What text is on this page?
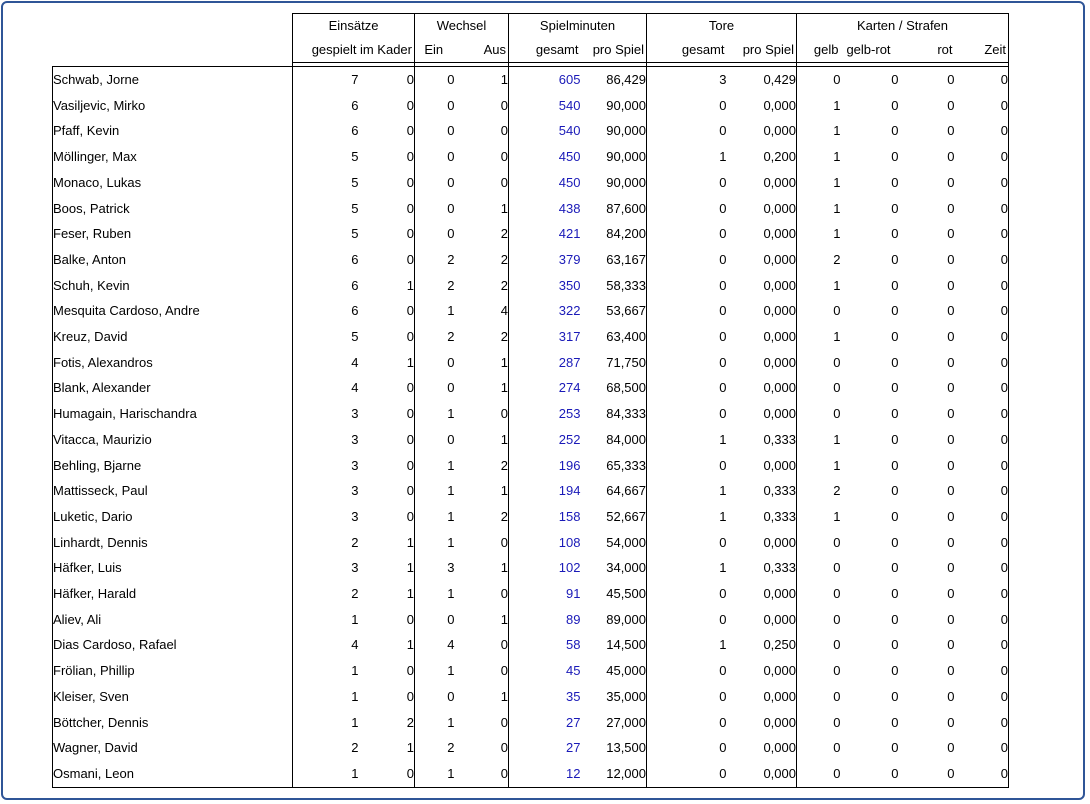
	Einsätze		Wechsel		Spielminuten		Tore		Karten / Strafen			
	gespielt	im Kader	Ein	Aus	gesamt	pro Spiel	gesamt	pro Spiel	gelb	gelb-rot	rot	Zeit

Schwab, Jorne	7	0	0	1	605	86,429	3	0,429	0	0	0	0
Vasiljevic, Mirko	6	0	0	0	540	90,000	0	0,000	1	0	0	0
Pfaff, Kevin	6	0	0	0	540	90,000	0	0,000	1	0	0	0
Möllinger, Max	5	0	0	0	450	90,000	1	0,200	1	0	0	0
Monaco, Lukas	5	0	0	0	450	90,000	0	0,000	1	0	0	0
Boos, Patrick	5	0	0	1	438	87,600	0	0,000	1	0	0	0
Feser, Ruben	5	0	0	2	421	84,200	0	0,000	1	0	0	0
Balke, Anton	6	0	2	2	379	63,167	0	0,000	2	0	0	0
Schuh, Kevin	6	1	2	2	350	58,333	0	0,000	1	0	0	0
Mesquita Cardoso, Andre	6	0	1	4	322	53,667	0	0,000	0	0	0	0
Kreuz, David	5	0	2	2	317	63,400	0	0,000	1	0	0	0
Fotis, Alexandros	4	1	0	1	287	71,750	0	0,000	0	0	0	0
Blank, Alexander	4	0	0	1	274	68,500	0	0,000	0	0	0	0
Humagain, Harischandra	3	0	1	0	253	84,333	0	0,000	0	0	0	0
Vitacca, Maurizio	3	0	0	1	252	84,000	1	0,333	1	0	0	0
Behling, Bjarne	3	0	1	2	196	65,333	0	0,000	1	0	0	0
Mattisseck, Paul	3	0	1	1	194	64,667	1	0,333	2	0	0	0
Luketic, Dario	3	0	1	2	158	52,667	1	0,333	1	0	0	0
Linhardt, Dennis	2	1	1	0	108	54,000	0	0,000	0	0	0	0
Häfker, Luis	3	1	3	1	102	34,000	1	0,333	0	0	0	0
Häfker, Harald	2	1	1	0	91	45,500	0	0,000	0	0	0	0
Aliev, Ali	1	0	0	1	89	89,000	0	0,000	0	0	0	0
Dias Cardoso, Rafael	4	1	4	0	58	14,500	1	0,250	0	0	0	0
Frölian, Phillip	1	0	1	0	45	45,000	0	0,000	0	0	0	0
Kleiser, Sven	1	0	0	1	35	35,000	0	0,000	0	0	0	0
Böttcher, Dennis	1	2	1	0	27	27,000	0	0,000	0	0	0	0
Wagner, David	2	1	2	0	27	13,500	0	0,000	0	0	0	0
Osmani, Leon	1	0	1	0	12	12,000	0	0,000	0	0	0	0
